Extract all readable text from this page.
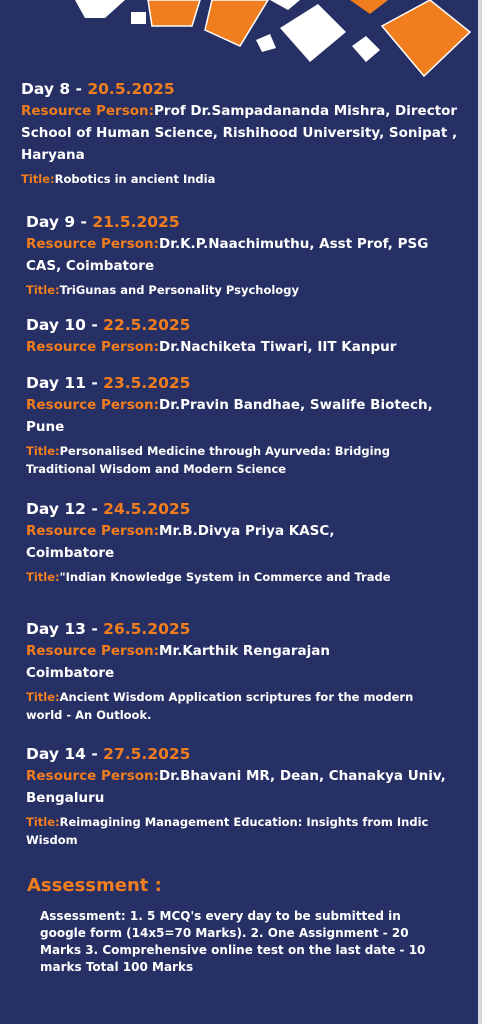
Day 8 - 20.5.2025
Resource Person:Prof Dr.Sampadananda Mishra, Director School of Human Science, Rishihood University, Sonipat , Haryana
Title:Robotics in ancient India
Day 9 - 21.5.2025
Resource Person:Dr.K.P.Naachimuthu, Asst Prof, PSG CAS, Coimbatore
Title:TriGunas and Personality Psychology
Day 10 - 22.5.2025
Resource Person:Dr.Nachiketa Tiwari, IIT Kanpur
Day 11 - 23.5.2025
Resource Person:Dr.Pravin Bandhae, Swalife Biotech, Pune
Title:Personalised Medicine through Ayurveda: Bridging Traditional Wisdom and Modern Science
Day 12 - 24.5.2025
Resource Person:Mr.B.Divya Priya KASC, Coimbatore
Title:"Indian Knowledge System in Commerce and Trade
Day 13 - 26.5.2025
Resource Person:Mr.Karthik Rengarajan Coimbatore
Title:Ancient Wisdom Application scriptures for the modern world - An Outlook.
Day 14 - 27.5.2025
Resource Person:Dr.Bhavani MR, Dean, Chanakya Univ, Bengaluru
Title:Reimagining Management Education: Insights from Indic Wisdom
Assessment :
Assessment: 1. 5 MCQ's every day to be submitted in google form (14x5=70 Marks). 2. One Assignment - 20 Marks 3. Comprehensive online test on the last date - 10 marks Total 100 Marks
